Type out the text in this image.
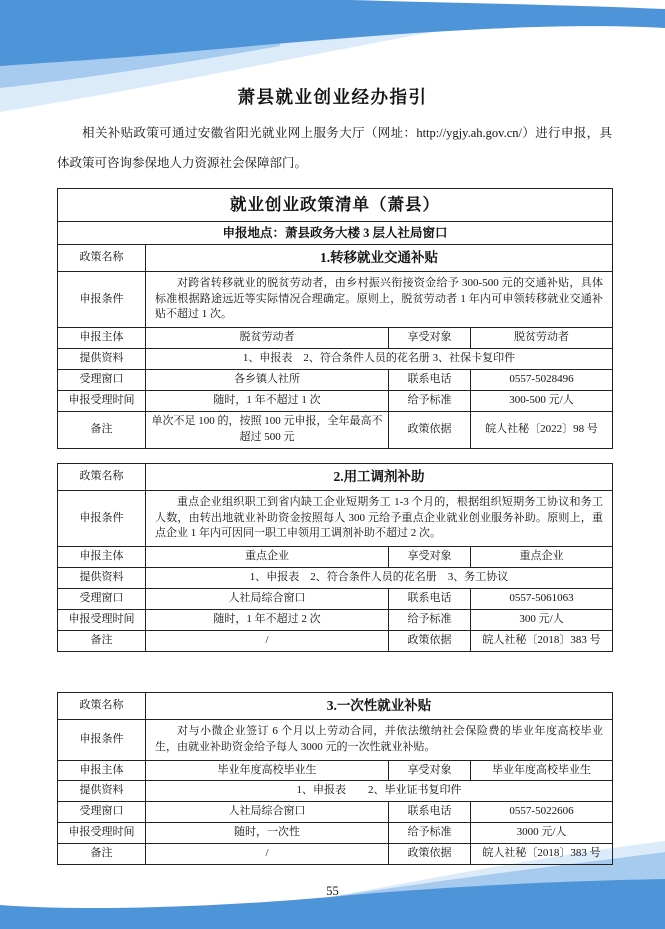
萧县就业创业经办指引

相关补贴政策可通过安徽省阳光就业网上服务大厅（网址：http://ygjy.ah.gov.cn/）进行申报，具体政策可咨询参保地人力资源社会保障部门。

就业创业政策清单（萧县）			
申报地点：萧县政务大楼 3 层人社局窗口			
政策名称	1.转移就业交通补贴		
申报条件	对跨省转移就业的脱贫劳动者，由乡村振兴衔接资金给予 300-500 元的交通补贴，具体标准根据路途远近等实际情况合理确定。原则上，脱贫劳动者 1 年内可申领转移就业交通补贴不超过 1 次。		
申报主体	脱贫劳动者	享受对象	脱贫劳动者
提供资料	1、申报表　2、符合条件人员的花名册 3、社保卡复印件		
受理窗口	各乡镇人社所	联系电话	0557-5028496
申报受理时间	随时，1 年不超过 1 次	给予标准	300-500 元/人
备注	单次不足 100 的，按照 100 元申报，全年最高不超过 500 元	政策依据	皖人社秘〔2022〕98 号
政策名称	2.用工调剂补助		
申报条件	重点企业组织职工到省内缺工企业短期务工 1-3 个月的，根据组织短期务工协议和务工人数，由转出地就业补助资金按照每人 300 元给予重点企业就业创业服务补助。原则上，重点企业 1 年内可因同一职工申领用工调剂补助不超过 2 次。		
申报主体	重点企业	享受对象	重点企业
提供资料	1、申报表　2、符合条件人员的花名册　3、务工协议		
受理窗口	人社局综合窗口	联系电话	0557-5061063
申报受理时间	随时，1 年不超过 2 次	给予标准	300 元/人
备注	/	政策依据	皖人社秘〔2018〕383 号
政策名称	3.一次性就业补贴		
申报条件	对与小微企业签订 6 个月以上劳动合同，并依法缴纳社会保险费的毕业年度高校毕业生，由就业补助资金给予每人 3000 元的一次性就业补贴。		
申报主体	毕业年度高校毕业生	享受对象	毕业年度高校毕业生
提供资料	1、申报表　　2、毕业证书复印件		
受理窗口	人社局综合窗口	联系电话	0557-5022606
申报受理时间	随时，一次性	给予标准	3000 元/人
备注	/	政策依据	皖人社秘〔2018〕383 号
55
